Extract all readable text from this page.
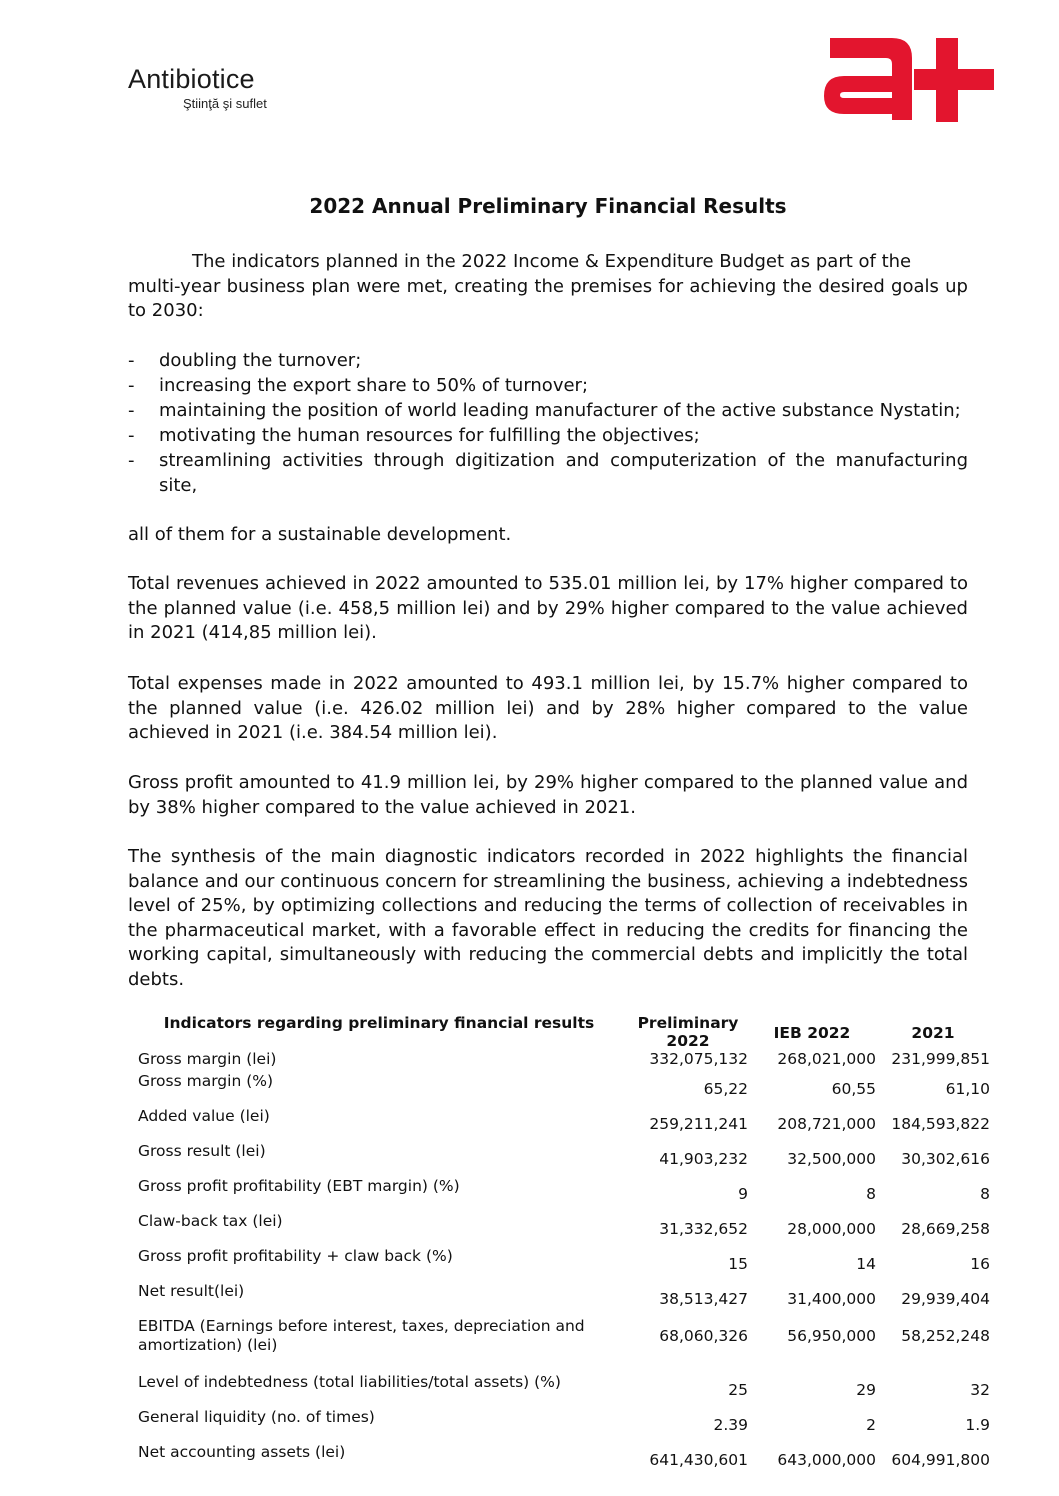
Antibiotice
Ştiinţă şi suflet
2022 Annual Preliminary Financial Results
The indicators planned in the 2022 Income & Expenditure Budget as part of the
multi-year business plan were met, creating the premises for achieving the desired goals up to 2030:
- doubling the turnover;
- increasing the export share to 50% of turnover;
- maintaining the position of world leading manufacturer of the active substance Nystatin;
- motivating the human resources for fulfilling the objectives;
- streamlining activities through digitization and computerization of the manufacturing site,
all of them for a sustainable development.
Total revenues achieved in 2022 amounted to 535.01 million lei, by 17% higher compared to the planned value (i.e. 458,5 million lei) and by 29% higher compared to the value achieved in 2021 (414,85 million lei).
Total expenses made in 2022 amounted to 493.1 million lei, by 15.7% higher compared to the planned value (i.e. 426.02 million lei) and by 28% higher compared to the value achieved in 2021 (i.e. 384.54 million lei).
Gross profit amounted to 41.9 million lei, by 29% higher compared to the planned value and by 38% higher compared to the value achieved in 2021.
The synthesis of the main diagnostic indicators recorded in 2022 highlights the financial balance and our continuous concern for streamlining the business, achieving a indebtedness level of 25%, by optimizing collections and reducing the terms of collection of receivables in the pharmaceutical market, with a favorable effect in reducing the credits for financing the working capital, simultaneously with reducing the commercial debts and implicitly the total debts.
Indicators regarding preliminary financial results	Preliminary 2022	IEB 2022	2021
Gross margin (lei)	332,075,132	268,021,000	231,999,851
Gross margin (%)	65,22	60,55	61,10
Added value (lei)	259,211,241	208,721,000	184,593,822
Gross result (lei)	41,903,232	32,500,000	30,302,616
Gross profit profitability (EBT margin) (%)	9	8	8
Claw-back tax (lei)	31,332,652	28,000,000	28,669,258
Gross profit profitability + claw back (%)	15	14	16
Net result(lei)	38,513,427	31,400,000	29,939,404
EBITDA (Earnings before interest, taxes, depreciation and amortization) (lei)	68,060,326	56,950,000	58,252,248
Level of indebtedness (total liabilities/total assets) (%)	25	29	32
General liquidity (no. of times)	2.39	2	1.9
Net accounting assets (lei)	641,430,601	643,000,000	604,991,800
